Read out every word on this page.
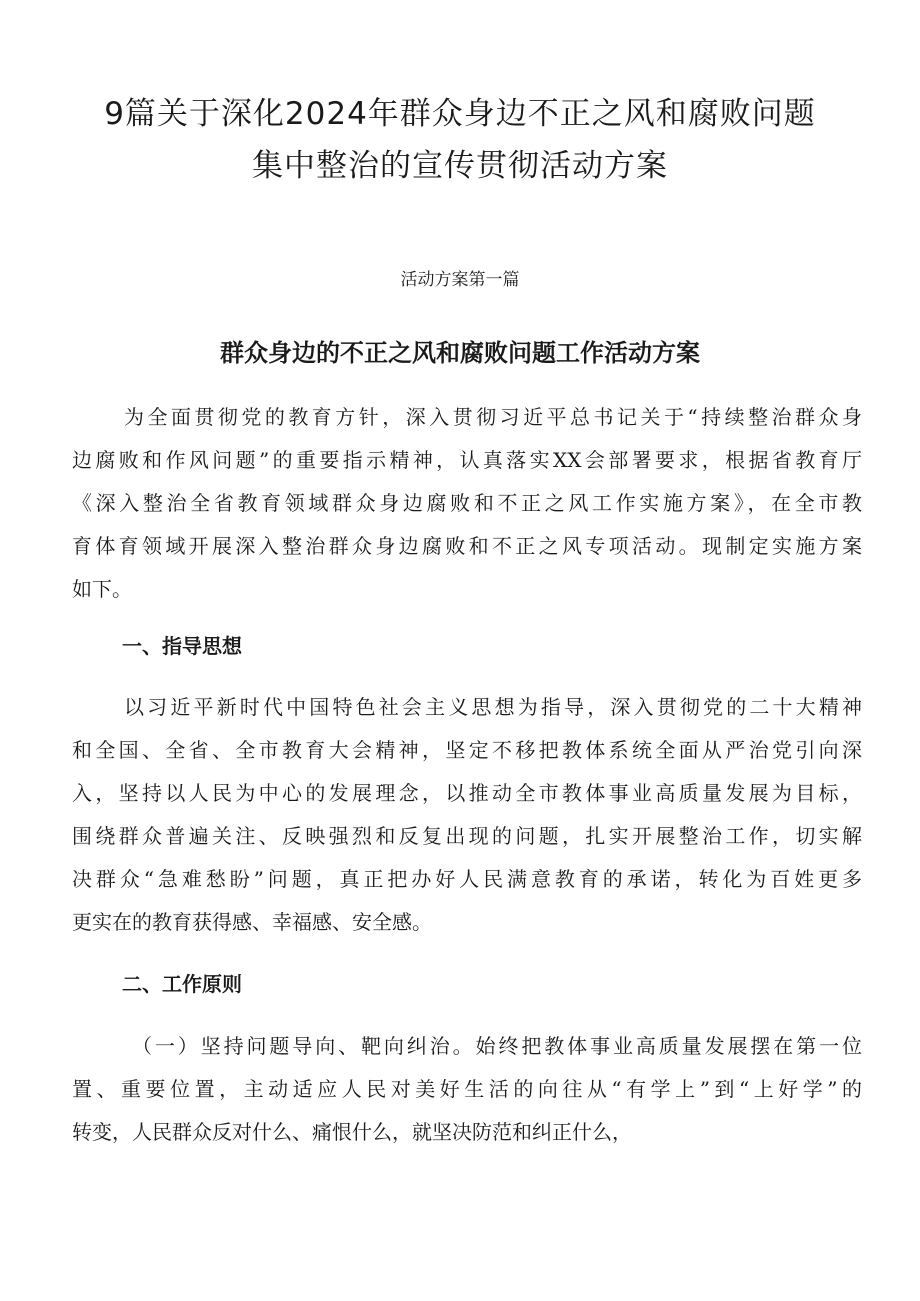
9篇关于深化2024年群众身边不正之风和腐败问题
集中整治的宣传贯彻活动方案
活动方案第一篇
群众身边的不正之风和腐败问题工作活动方案

为全面贯彻党的教育方针，深入贯彻习近平总书记关于“持续整治群众身
边腐败和作风问题”的重要指示精神，认真落实XX会部署要求，根据省教育厅
《深入整治全省教育领域群众身边腐败和不正之风工作实施方案》，在全市教
育体育领域开展深入整治群众身边腐败和不正之风专项活动。现制定实施方案
如下。

一、指导思想

以习近平新时代中国特色社会主义思想为指导，深入贯彻党的二十大精神
和全国、全省、全市教育大会精神，坚定不移把教体系统全面从严治党引向深
入，坚持以人民为中心的发展理念，以推动全市教体事业高质量发展为目标，
围绕群众普遍关注、反映强烈和反复出现的问题，扎实开展整治工作，切实解
决群众“急难愁盼”问题，真正把办好人民满意教育的承诺，转化为百姓更多
更实在的教育获得感、幸福感、安全感。

二、工作原则

（一）坚持问题导向、靶向纠治。始终把教体事业高质量发展摆在第一位
置、重要位置，主动适应人民对美好生活的向往从“有学上”到“上好学”的
转变，人民群众反对什么、痛恨什么，就坚决防范和纠正什么，
